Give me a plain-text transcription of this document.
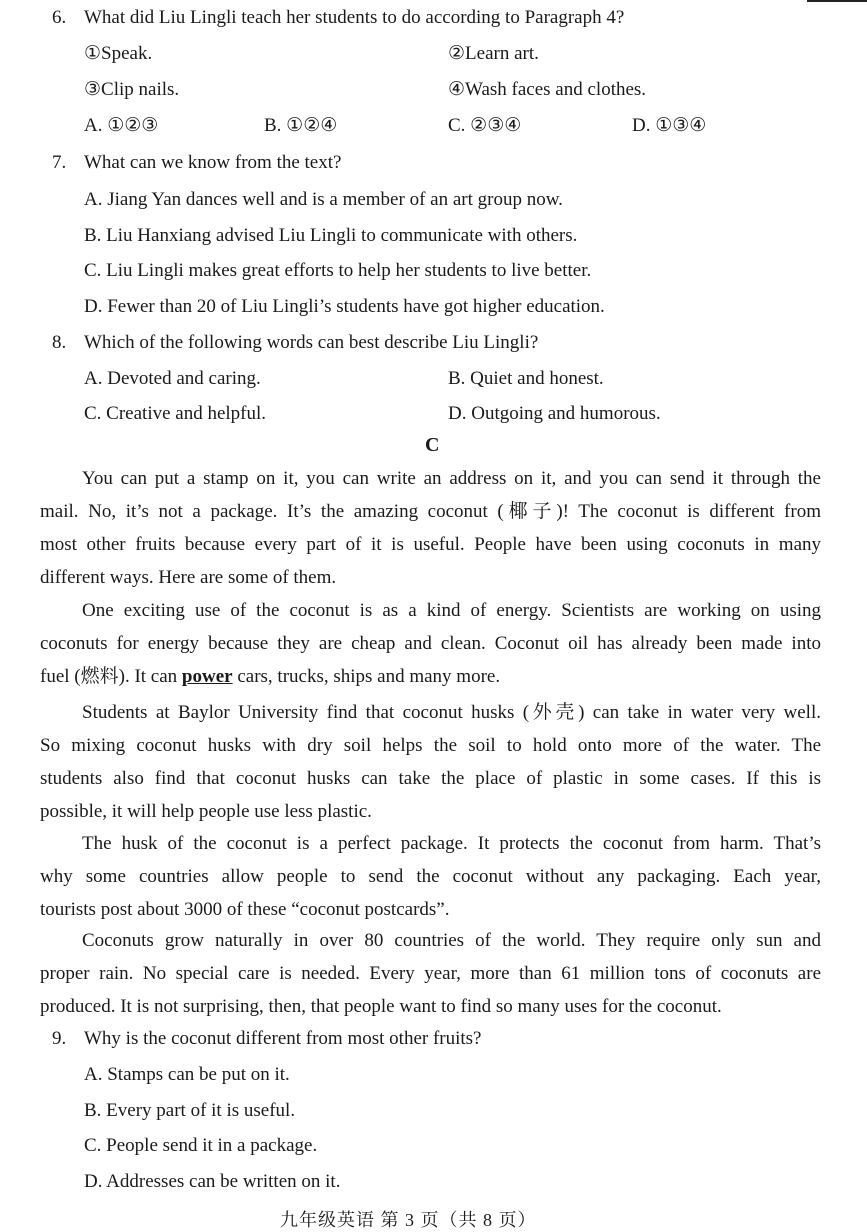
6. What did Liu Lingli teach her students to do according to Paragraph 4?
①Speak.	②Learn art.
③Clip nails.	④Wash faces and clothes.
A. ①②③	B. ①②④	C. ②③④	D. ①③④
7. What can we know from the text?
A. Jiang Yan dances well and is a member of an art group now.
B. Liu Hanxiang advised Liu Lingli to communicate with others.
C. Liu Lingli makes great efforts to help her students to live better.
D. Fewer than 20 of Liu Lingli’s students have got higher education.
8. Which of the following words can best describe Liu Lingli?
A. Devoted and caring.	B. Quiet and honest.
C. Creative and helpful.	D. Outgoing and humorous.
C
You can put a stamp on it, you can write an address on it, and you can send it through the
mail. No, it’s not a package. It’s the amazing coconut (椰子)! The coconut is different from
most other fruits because every part of it is useful. People have been using coconuts in many
different ways. Here are some of them.
One exciting use of the coconut is as a kind of energy. Scientists are working on using
coconuts for energy because they are cheap and clean. Coconut oil has already been made into
fuel (燃料). It can power cars, trucks, ships and many more.
Students at Baylor University find that coconut husks (外壳) can take in water very well.
So mixing coconut husks with dry soil helps the soil to hold onto more of the water. The
students also find that coconut husks can take the place of plastic in some cases. If this is
possible, it will help people use less plastic.
The husk of the coconut is a perfect package. It protects the coconut from harm. That’s
why some countries allow people to send the coconut without any packaging. Each year,
tourists post about 3000 of these “coconut postcards”.
Coconuts grow naturally in over 80 countries of the world. They require only sun and
proper rain. No special care is needed. Every year, more than 61 million tons of coconuts are
produced. It is not surprising, then, that people want to find so many uses for the coconut.
9. Why is the coconut different from most other fruits?
A. Stamps can be put on it.
B. Every part of it is useful.
C. People send it in a package.
D. Addresses can be written on it.
九年级英语 第 3 页（共 8 页）
